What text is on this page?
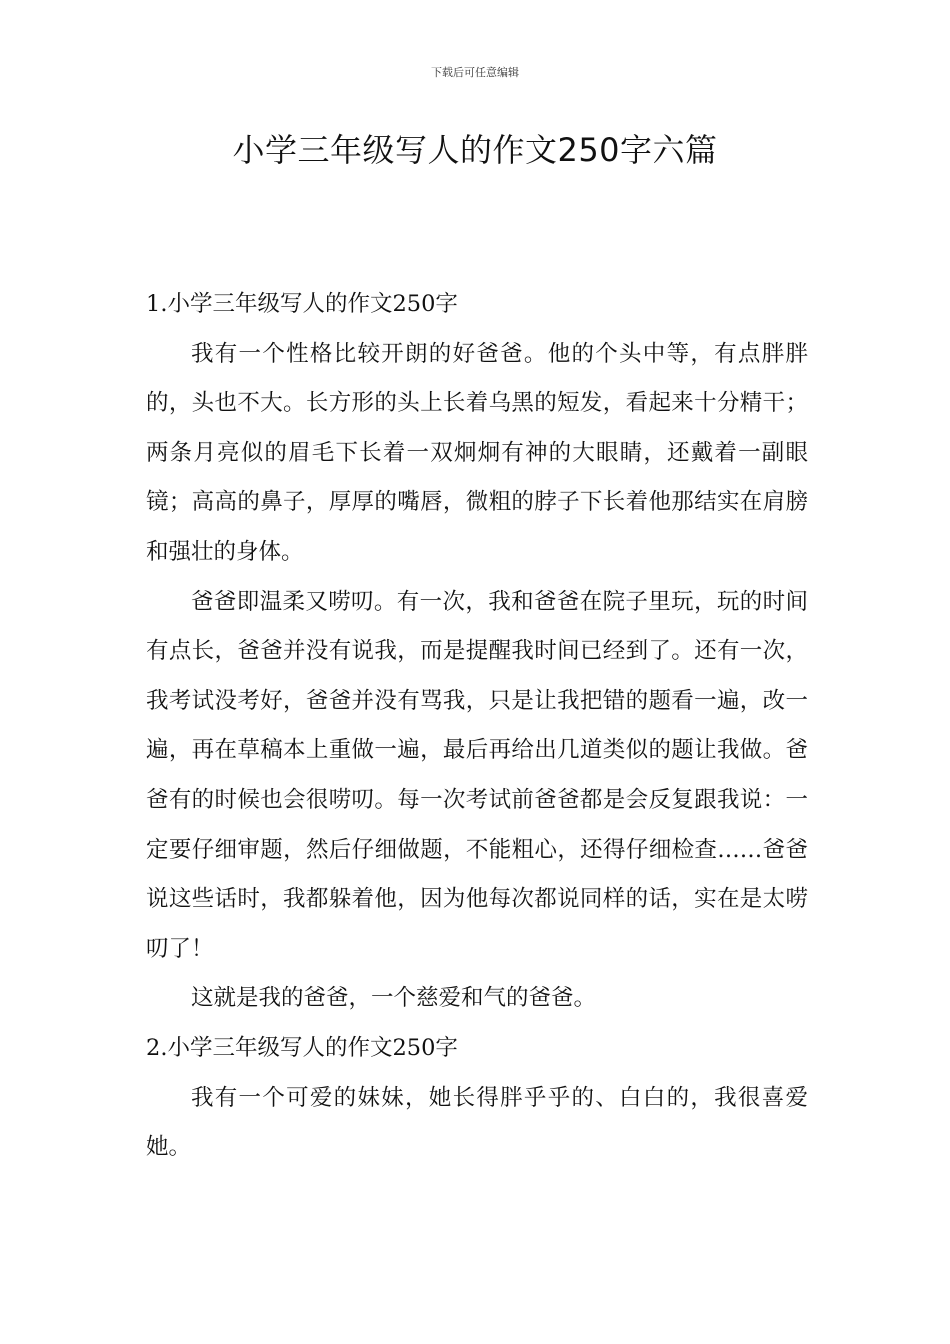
下载后可任意编辑
小学三年级写人的作文250字六篇
1.小学三年级写人的作文250字

我有一个性格比较开朗的好爸爸。他的个头中等，有点胖胖的，头也不大。长方形的头上长着乌黑的短发，看起来十分精干；两条月亮似的眉毛下长着一双炯炯有神的大眼睛，还戴着一副眼镜；高高的鼻子，厚厚的嘴唇，微粗的脖子下长着他那结实在肩膀和强壮的身体。

爸爸即温柔又唠叨。有一次，我和爸爸在院子里玩，玩的时间有点长，爸爸并没有说我，而是提醒我时间已经到了。还有一次，我考试没考好，爸爸并没有骂我，只是让我把错的题看一遍，改一遍，再在草稿本上重做一遍，最后再给出几道类似的题让我做。爸爸有的时候也会很唠叨。每一次考试前爸爸都是会反复跟我说：一定要仔细审题，然后仔细做题，不能粗心，还得仔细检查……爸爸说这些话时，我都躲着他，因为他每次都说同样的话，实在是太唠叨了！

这就是我的爸爸，一个慈爱和气的爸爸。

2.小学三年级写人的作文250字

我有一个可爱的妹妹，她长得胖乎乎的、白白的，我很喜爱她。
